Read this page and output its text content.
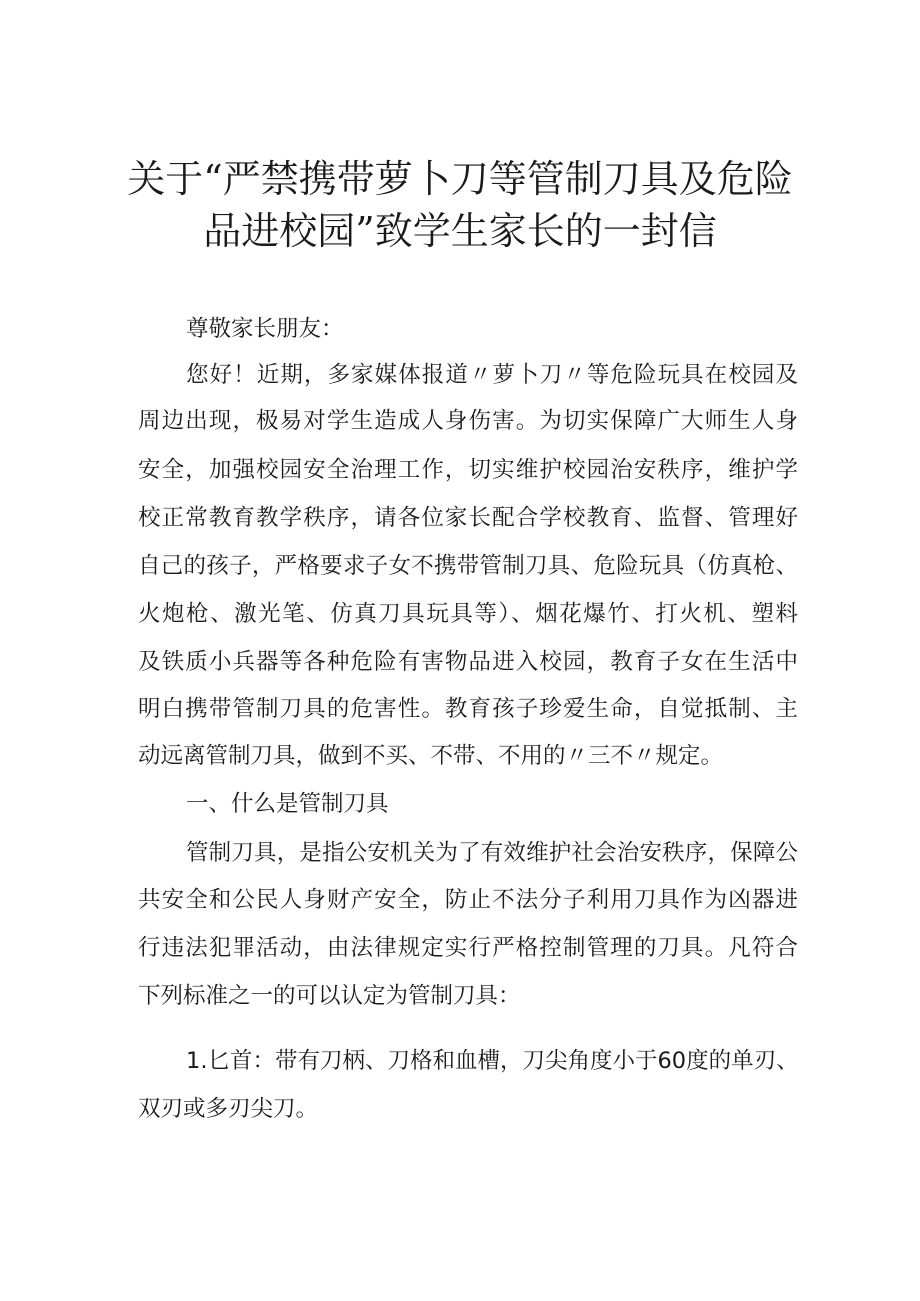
关于“严禁携带萝卜刀等管制刀具及危险
品进校园”致学生家长的一封信
尊敬家长朋友：
您好！近期，多家媒体报道〃萝卜刀〃等危险玩具在校园及
周边出现，极易对学生造成人身伤害。为切实保障广大师生人身
安全，加强校园安全治理工作，切实维护校园治安秩序，维护学
校正常教育教学秩序，请各位家长配合学校教育、监督、管理好
自己的孩子，严格要求子女不携带管制刀具、危险玩具（仿真枪、
火炮枪、激光笔、仿真刀具玩具等）、烟花爆竹、打火机、塑料
及铁质小兵器等各种危险有害物品进入校园，教育子女在生活中
明白携带管制刀具的危害性。教育孩子珍爱生命，自觉抵制、主
动远离管制刀具，做到不买、不带、不用的〃三不〃规定。
一、什么是管制刀具
管制刀具，是指公安机关为了有效维护社会治安秩序，保障公
共安全和公民人身财产安全，防止不法分子利用刀具作为凶器进
行违法犯罪活动，由法律规定实行严格控制管理的刀具。凡符合
下列标准之一的可以认定为管制刀具：
1.匕首：带有刀柄、刀格和血槽，刀尖角度小于60度的单刃、
双刃或多刃尖刀。
